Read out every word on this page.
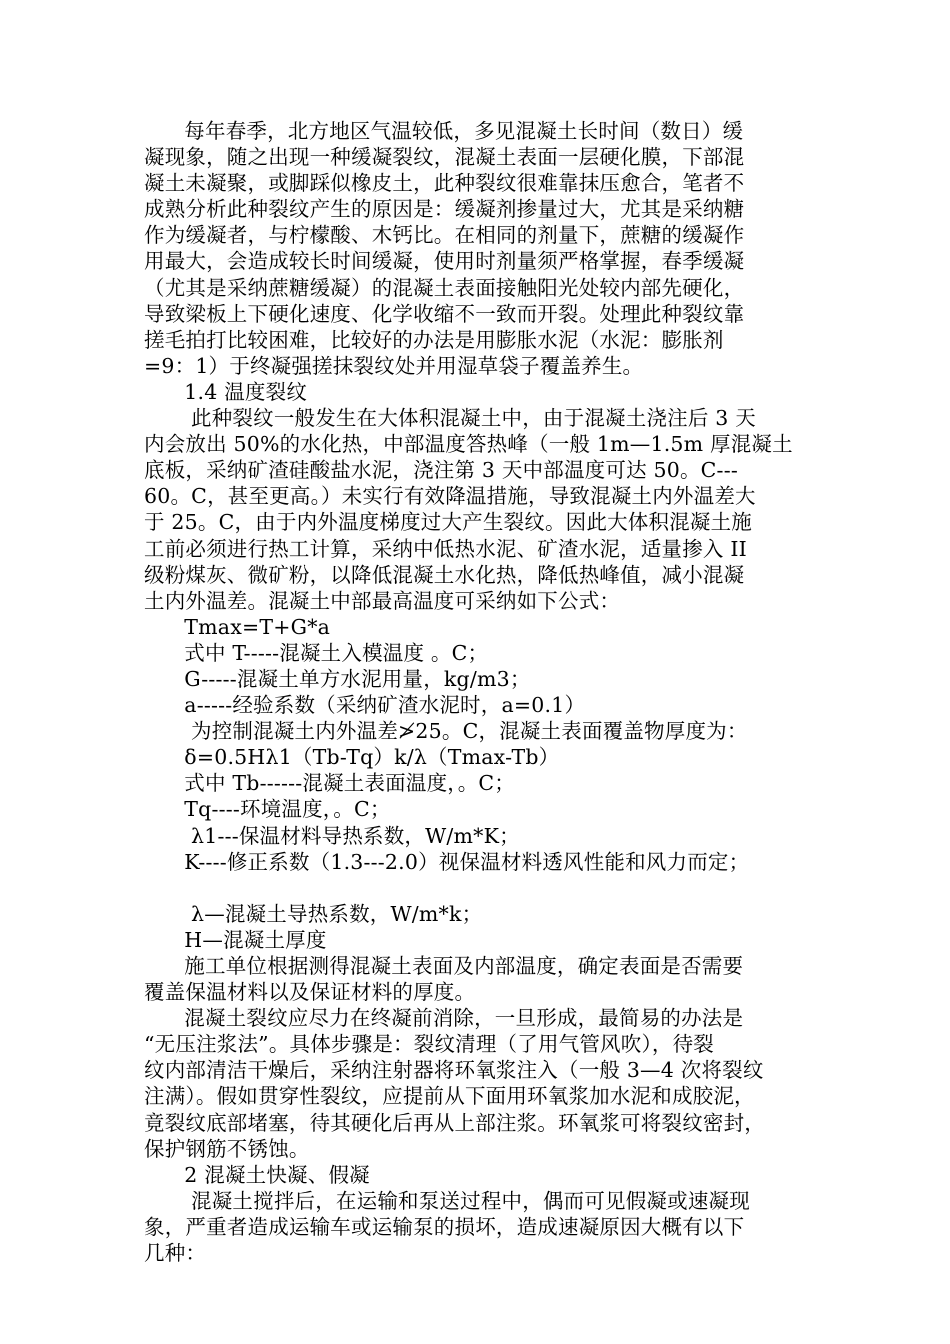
每年春季，北方地区气温较低，多见混凝土长时间（数日）缓
凝现象，随之出现一种缓凝裂纹，混凝土表面一层硬化膜，下部混
凝土未凝聚，或脚踩似橡皮土，此种裂纹很难靠抹压愈合，笔者不
成熟分析此种裂纹产生的原因是：缓凝剂掺量过大，尤其是采纳糖
作为缓凝者，与柠檬酸、木钙比。在相同的剂量下，蔗糖的缓凝作
用最大，会造成较长时间缓凝，使用时剂量须严格掌握，春季缓凝
（尤其是采纳蔗糖缓凝）的混凝土表面接触阳光处较内部先硬化，
导致梁板上下硬化速度、化学收缩不一致而开裂。处理此种裂纹靠
搓毛拍打比较困难，比较好的办法是用膨胀水泥（水泥：膨胀剂
=9：1）于终凝强搓抹裂纹处并用湿草袋子覆盖养生。
1.4 温度裂纹
此种裂纹一般发生在大体积混凝土中，由于混凝土浇注后 3 天
内会放出 50%的水化热，中部温度答热峰（一般 1m—1.5m 厚混凝土
底板，采纳矿渣硅酸盐水泥，浇注第 3 天中部温度可达 50。C---
60。C，甚至更高。）未实行有效降温措施，导致混凝土内外温差大
于 25。C，由于内外温度梯度过大产生裂纹。因此大体积混凝土施
工前必须进行热工计算，采纳中低热水泥、矿渣水泥，适量掺入 II
级粉煤灰、微矿粉，以降低混凝土水化热，降低热峰值，减小混凝
土内外温差。混凝土中部最高温度可采纳如下公式：
Tmax=T+G*a
式中 T-----混凝土入模温度 。C；
G-----混凝土单方水泥用量，kg/m3；
a-----经验系数（采纳矿渣水泥时，a=0.1）
为控制混凝土内外温差≯25。C，混凝土表面覆盖物厚度为：
δ=0.5Hλ1（Tb-Tq）k/λ（Tmax-Tb）
式中 Tb------混凝土表面温度，。C；
Tq----环境温度，。C；
λ1---保温材料导热系数，W/m*K；
K----修正系数（1.3---2.0）视保温材料透风性能和风力而定；
λ—混凝土导热系数，W/m*k；
H—混凝土厚度
施工单位根据测得混凝土表面及内部温度，确定表面是否需要
覆盖保温材料以及保证材料的厚度。
混凝土裂纹应尽力在终凝前消除，一旦形成，最简易的办法是
“无压注浆法”。具体步骤是：裂纹清理（了用气管风吹），待裂
纹内部清洁干燥后，采纳注射器将环氧浆注入（一般 3—4 次将裂纹
注满）。假如贯穿性裂纹，应提前从下面用环氧浆加水泥和成胶泥，
竟裂纹底部堵塞，待其硬化后再从上部注浆。环氧浆可将裂纹密封，
保护钢筋不锈蚀。
2 混凝土快凝、假凝
混凝土搅拌后，在运输和泵送过程中，偶而可见假凝或速凝现
象，严重者造成运输车或运输泵的损坏，造成速凝原因大概有以下
几种：
